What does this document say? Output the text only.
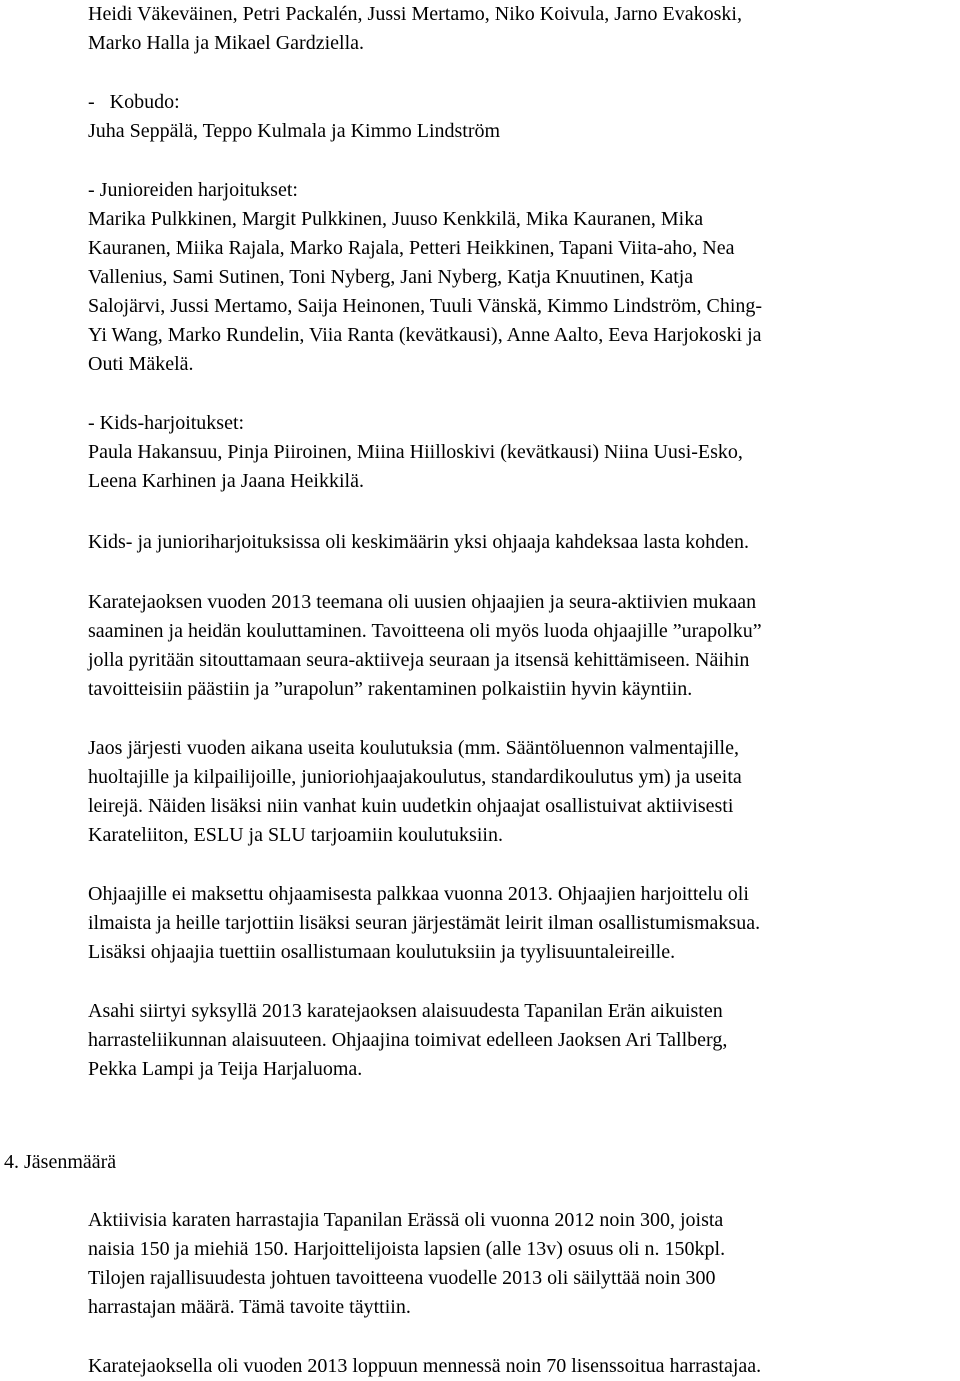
Heidi Väkeväinen, Petri Packalén, Jussi Mertamo, Niko Koivula, Jarno Evakoski,
Marko Halla ja Mikael Gardziella.

-   Kobudo:
Juha Seppälä, Teppo Kulmala ja Kimmo Lindström

- Junioreiden harjoitukset:
Marika Pulkkinen, Margit Pulkkinen, Juuso Kenkkilä, Mika Kauranen, Mika
Kauranen, Miika Rajala, Marko Rajala, Petteri Heikkinen, Tapani Viita-aho, Nea
Vallenius, Sami Sutinen, Toni Nyberg, Jani Nyberg, Katja Knuutinen, Katja
Salojärvi, Jussi Mertamo, Saija Heinonen, Tuuli Vänskä, Kimmo Lindström, Ching-
Yi Wang, Marko Rundelin, Viia Ranta (kevätkausi), Anne Aalto, Eeva Harjokoski ja
Outi Mäkelä.

- Kids-harjoitukset:
Paula Hakansuu, Pinja Piiroinen, Miina Hiilloskivi (kevätkausi) Niina Uusi-Esko,
Leena Karhinen ja Jaana Heikkilä.

Kids- ja junioriharjoituksissa oli keskimäärin yksi ohjaaja kahdeksaa lasta kohden.

Karatejaoksen vuoden 2013 teemana oli uusien ohjaajien ja seura-aktiivien mukaan
saaminen ja heidän kouluttaminen. Tavoitteena oli myös luoda ohjaajille ”urapolku”
jolla pyritään sitouttamaan seura-aktiiveja seuraan ja itsensä kehittämiseen. Näihin
tavoitteisiin päästiin ja ”urapolun” rakentaminen polkaistiin hyvin käyntiin.

Jaos järjesti vuoden aikana useita koulutuksia (mm. Sääntöluennon valmentajille,
huoltajille ja kilpailijoille, junioriohjaajakoulutus, standardikoulutus ym) ja useita
leirejä. Näiden lisäksi niin vanhat kuin uudetkin ohjaajat osallistuivat aktiivisesti
Karateliiton, ESLU ja SLU tarjoamiin koulutuksiin.

Ohjaajille ei maksettu ohjaamisesta palkkaa vuonna 2013. Ohjaajien harjoittelu oli
ilmaista ja heille tarjottiin lisäksi seuran järjestämät leirit ilman osallistumismaksua.
Lisäksi ohjaajia tuettiin osallistumaan koulutuksiin ja tyylisuuntaleireille.

Asahi siirtyi syksyllä 2013 karatejaoksen alaisuudesta Tapanilan Erän aikuisten
harrasteliikunnan alaisuuteen. Ohjaajina toimivat edelleen Jaoksen Ari Tallberg,
Pekka Lampi ja Teija Harjaluoma.

4. Jäsenmäärä

Aktiivisia karaten harrastajia Tapanilan Erässä oli vuonna 2012 noin 300, joista
naisia 150 ja miehiä 150. Harjoittelijoista lapsien (alle 13v) osuus oli n. 150kpl.
Tilojen rajallisuudesta johtuen tavoitteena vuodelle 2013 oli säilyttää noin 300
harrastajan määrä. Tämä tavoite täyttiin.

Karatejaoksella oli vuoden 2013 loppuun mennessä noin 70 lisenssoitua harrastajaa.
